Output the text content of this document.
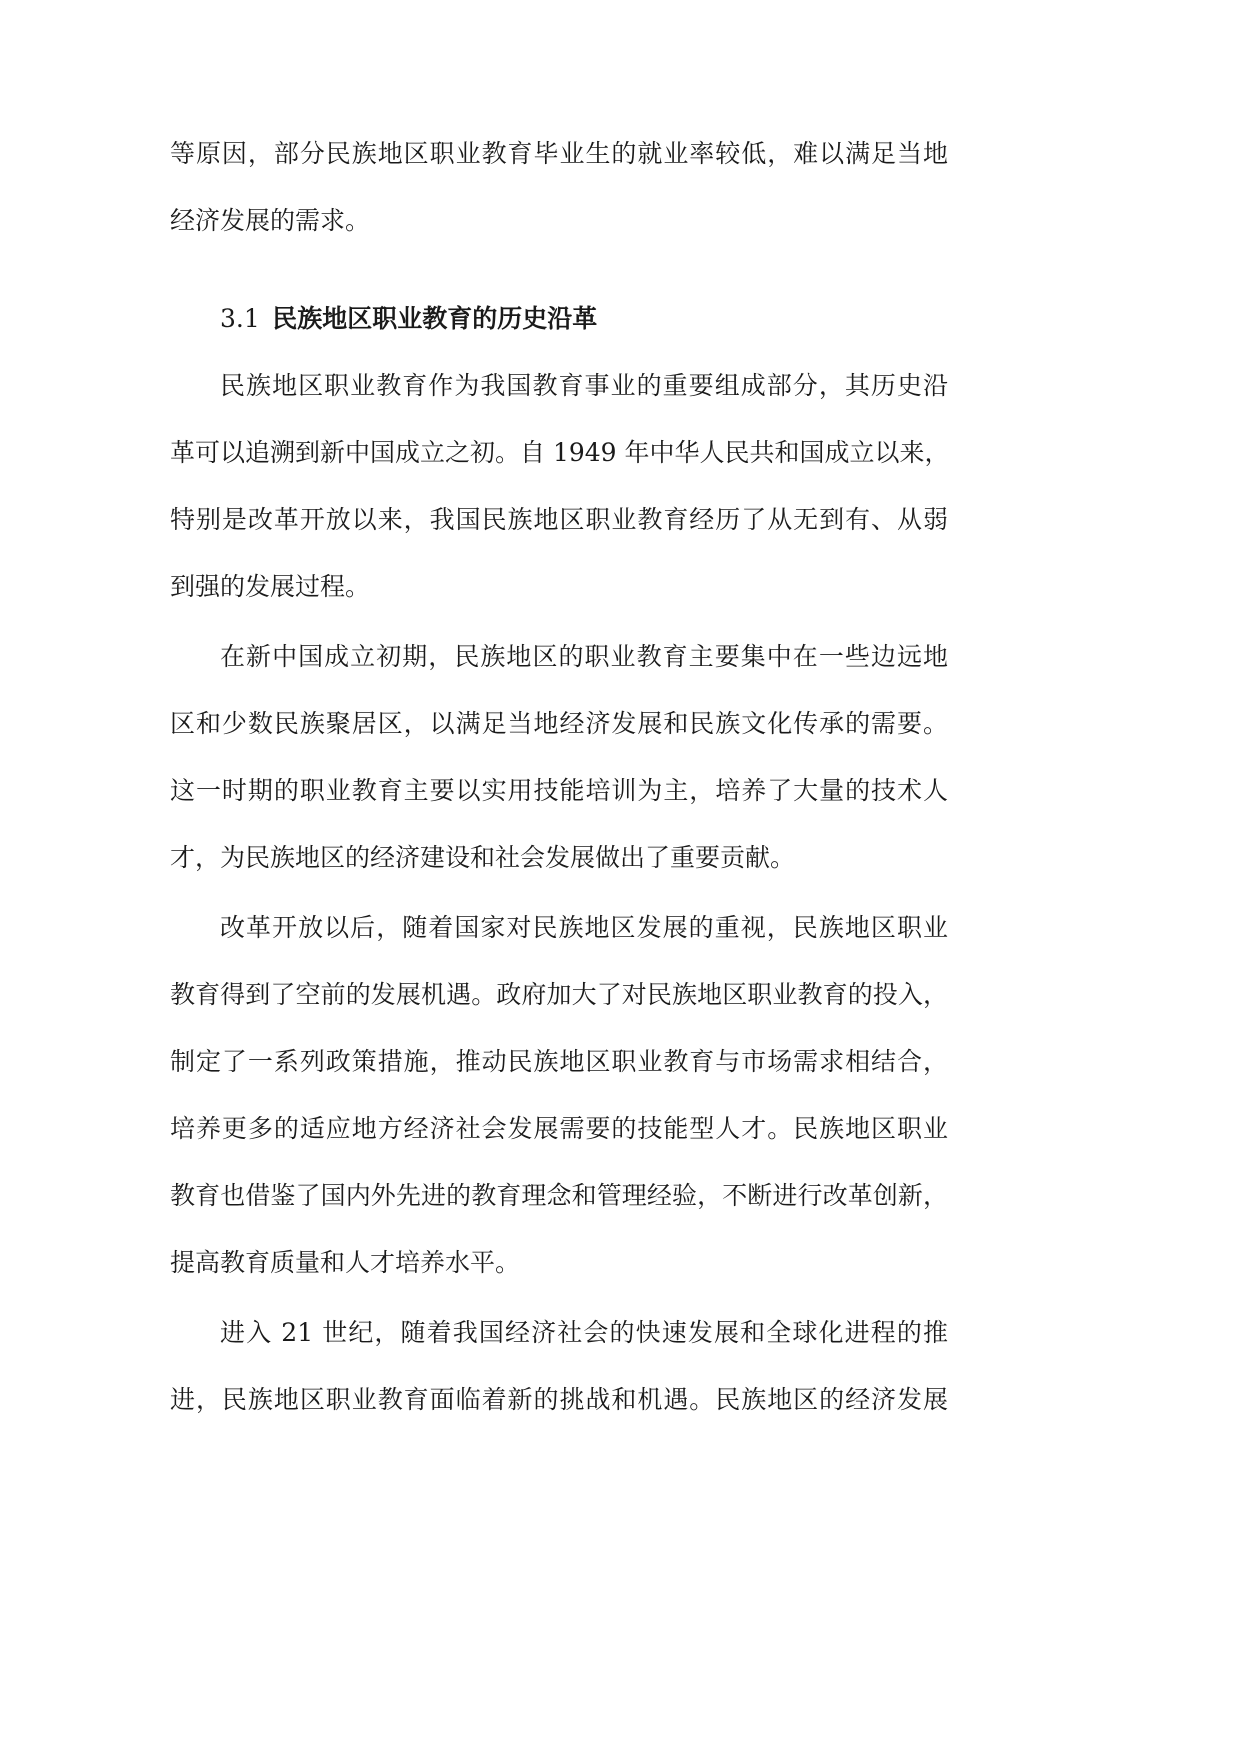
等原因，部分民族地区职业教育毕业生的就业率较低，难以满足当地
经济发展的需求。
3.1 民族地区职业教育的历史沿革
民族地区职业教育作为我国教育事业的重要组成部分，其历史沿
革可以追溯到新中国成立之初。自 1949 年中华人民共和国成立以来，
特别是改革开放以来，我国民族地区职业教育经历了从无到有、从弱
到强的发展过程。
在新中国成立初期，民族地区的职业教育主要集中在一些边远地
区和少数民族聚居区，以满足当地经济发展和民族文化传承的需要。
这一时期的职业教育主要以实用技能培训为主，培养了大量的技术人
才，为民族地区的经济建设和社会发展做出了重要贡献。
改革开放以后，随着国家对民族地区发展的重视，民族地区职业
教育得到了空前的发展机遇。政府加大了对民族地区职业教育的投入，
制定了一系列政策措施，推动民族地区职业教育与市场需求相结合，
培养更多的适应地方经济社会发展需要的技能型人才。民族地区职业
教育也借鉴了国内外先进的教育理念和管理经验，不断进行改革创新，
提高教育质量和人才培养水平。
进入 21 世纪，随着我国经济社会的快速发展和全球化进程的推
进，民族地区职业教育面临着新的挑战和机遇。民族地区的经济发展
